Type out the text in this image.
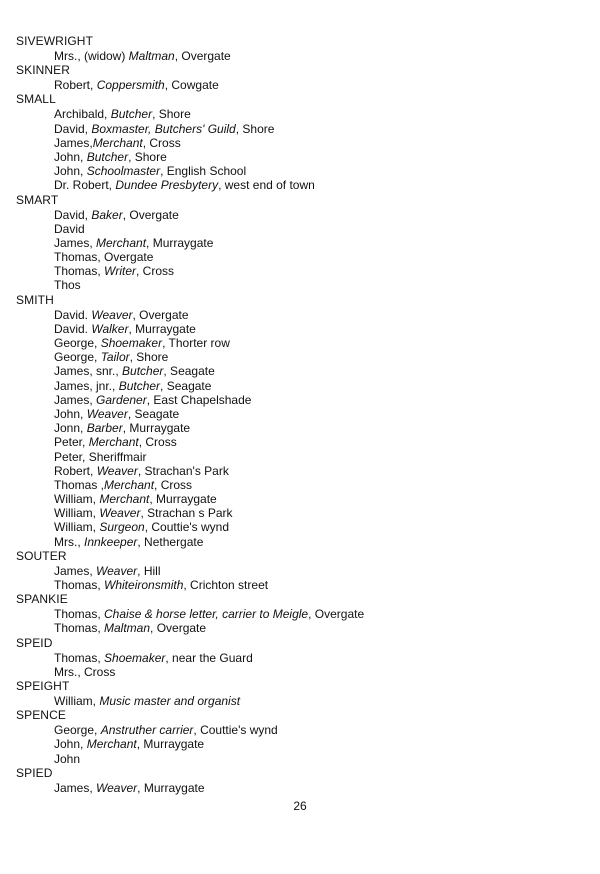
SIVEWRIGHT
Mrs., (widow) Maltman, Overgate
SKINNER
Robert, Coppersmith, Cowgate
SMALL
Archibald, Butcher, Shore
David, Boxmaster, Butchers' Guild, Shore
James,Merchant, Cross
John, Butcher, Shore
John, Schoolmaster, English School
Dr. Robert, Dundee Presbytery, west end of town
SMART
David, Baker, Overgate
David
James, Merchant, Murraygate
Thomas, Overgate
Thomas, Writer, Cross
Thos
SMITH
David. Weaver, Overgate
David. Walker, Murraygate
George, Shoemaker, Thorter row
George, Tailor, Shore
James, snr., Butcher, Seagate
James, jnr., Butcher, Seagate
James, Gardener, East Chapelshade
John, Weaver, Seagate
Jonn, Barber, Murraygate
Peter, Merchant, Cross
Peter, Sheriffmair
Robert, Weaver, Strachan's Park
Thomas ,Merchant, Cross
William, Merchant, Murraygate
William, Weaver, Strachan s Park
William, Surgeon, Couttie's wynd
Mrs., Innkeeper, Nethergate
SOUTER
James, Weaver, Hill
Thomas, Whiteironsmith, Crichton street
SPANKIE
Thomas, Chaise & horse letter, carrier to Meigle, Overgate
Thomas, Maltman, Overgate
SPEID
Thomas, Shoemaker, near the Guard
Mrs., Cross
SPEIGHT
William, Music master and organist
SPENCE
George, Anstruther carrier, Couttie's wynd
John, Merchant, Murraygate
John
SPIED
James, Weaver, Murraygate
26
